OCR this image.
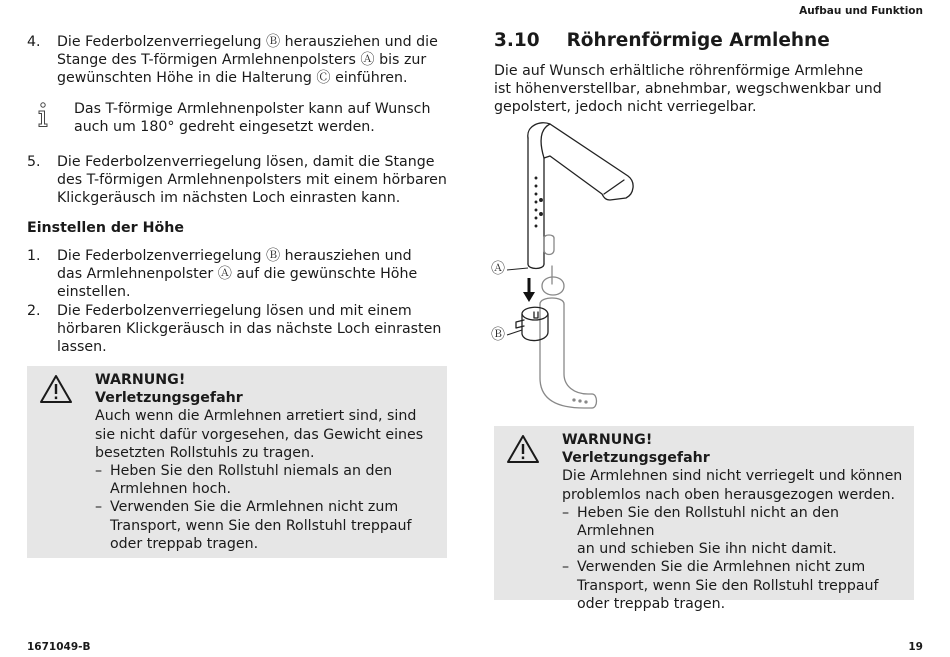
Aufbau und Funktion
1671049-B	19
4.	Die Federbolzenverriegelung Ⓑ herausziehen und die
Stange des T-förmigen Armlehnenpolsters Ⓐ bis zur
gewünschten Höhe in die Halterung Ⓒ einführen.
Das T-förmige Armlehnenpolster kann auf Wunsch
auch um 180° gedreht eingesetzt werden.
5.	Die Federbolzenverriegelung lösen, damit die Stange
des T-förmigen Armlehnenpolsters mit einem hörbaren
Klickgeräusch im nächsten Loch einrasten kann.
Einstellen der Höhe
1.	Die Federbolzenverriegelung Ⓑ herausziehen und
das Armlehnenpolster Ⓐ auf die gewünschte Höhe
einstellen.
2.	Die Federbolzenverriegelung lösen und mit einem
hörbaren Klickgeräusch in das nächste Loch einrasten
lassen.
WARNUNG!
Verletzungsgefahr
Auch wenn die Armlehnen arretiert sind, sind
sie nicht dafür vorgesehen, das Gewicht eines
besetzten Rollstuhls zu tragen.
– Heben Sie den Rollstuhl niemals an den
Armlehnen hoch.
– Verwenden Sie die Armlehnen nicht zum
Transport, wenn Sie den Rollstuhl treppauf
oder treppab tragen.
3.10 Röhrenförmige Armlehne
Die auf Wunsch erhältliche röhrenförmige Armlehne
ist höhenverstellbar, abnehmbar, wegschwenkbar und
gepolstert, jedoch nicht verriegelbar.
Ⓐ
Ⓑ
WARNUNG!
Verletzungsgefahr
Die Armlehnen sind nicht verriegelt und können
problemlos nach oben herausgezogen werden.
– Heben Sie den Rollstuhl nicht an den Armlehnen
an und schieben Sie ihn nicht damit.
– Verwenden Sie die Armlehnen nicht zum
Transport, wenn Sie den Rollstuhl treppauf
oder treppab tragen.
